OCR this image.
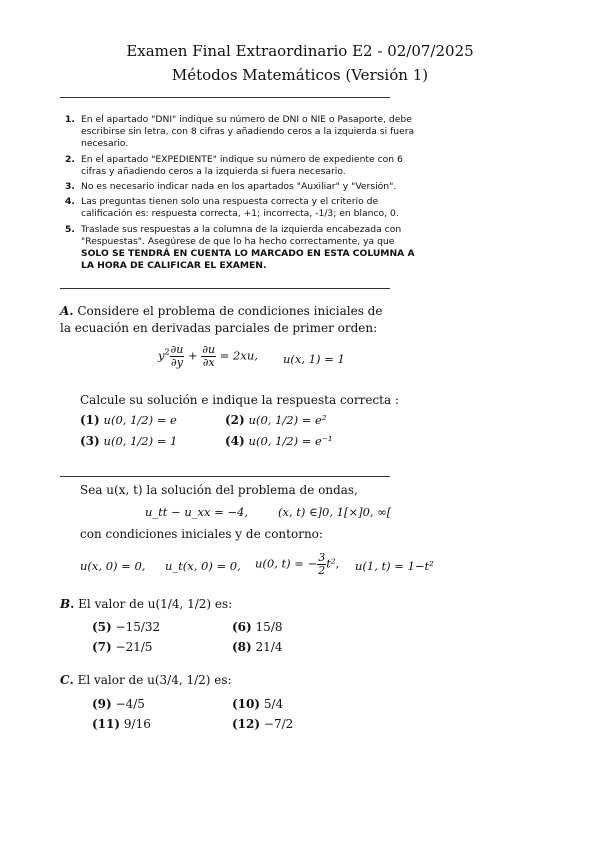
Examen Final Extraordinario E2 - 02/07/2025
Métodos Matemáticos (Versión 1)
1. En el apartado "DNI" indique su número de DNI o NIE o Pasaporte, debe escribirse sin letra, con 8 cifras y añadiendo ceros a la izquierda si fuera necesario.
2. En el apartado "EXPEDIENTE" indique su número de expediente con 6 cifras y añadiendo ceros a la izquierda si fuera necesario.
3. No es necesario indicar nada en los apartados "Auxiliar" y "Versión".
4. Las preguntas tienen solo una respuesta correcta y el criterio de calificación es: respuesta correcta, +1; incorrecta, -1/3; en blanco, 0.
5. Traslade sus respuestas a la columna de la izquierda encabezada con "Respuestas". Asegúrese de que lo ha hecho correctamente, ya que SOLO SE TENDRÁ EN CUENTA LO MARCADO EN ESTA COLUMNA A LA HORA DE CALIFICAR EL EXAMEN.
A. Considere el problema de condiciones iniciales de la ecuación en derivadas parciales de primer orden:
$y^2 \frac{\partial u}{\partial y} + \frac{\partial u}{\partial x} = 2xu$, u(x, 1) = 1
Calcule su solución e indique la respuesta correcta :
(1) u(0, 1/2) = e	(2) u(0, 1/2) = e²
(3) u(0, 1/2) = 1	(4) u(0, 1/2) = e⁻¹
Sea u(x, t) la solución del problema de ondas,
u_tt − u_xx = −4,	(x, t) ∈]0, 1[×]0, ∞[
con condiciones iniciales y de contorno:
u(x, 0) = 0, u_t(x, 0) = 0, u(0, t) = − $\frac{3}{2} t^2$, u(1, t) = 1−t²
B. El valor de u(1/4, 1/2) es:
(5) −15/32	(6) 15/8
(7) −21/5	(8) 21/4
C. El valor de u(3/4, 1/2) es:
(9) −4/5	(10) 5/4
(11) 9/16	(12) −7/2
